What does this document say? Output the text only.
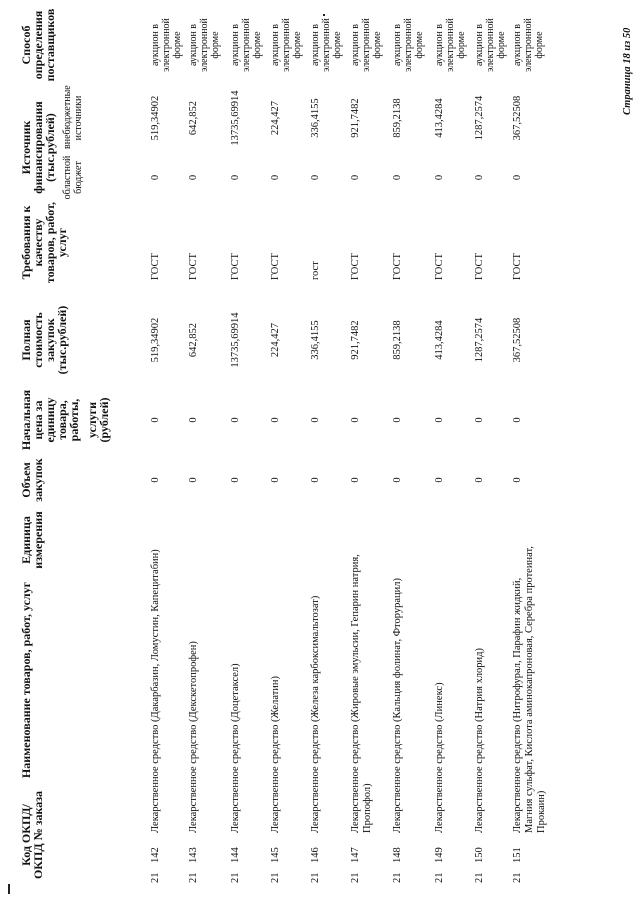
Код ОКПД/ ОКПД № заказа
Наименование товаров, работ, услуг
Единица измерения
Объем закупок
Начальная цена за единицу товара, работы, услуги (рублей)
Полная стоимость закупок (тыс.рублей)
Требования к качеству товаров, работ, услуг
Источник финансирования (тыс.рублей) областной бюджет
внебюджетные источники
Способ определения поставщиков
21
142
Лекарственное средство (Дакарбазин, Ломустин, Капецитабин)
0
0
519,34902
ГОСТ
0
519,34902
аукцион в электронной форме
21
143
Лекарственное средство (Декскетопрофен)
0
0
642,852
ГОСТ
0
642,852
аукцион в электронной форме
21
144
Лекарственное средство (Доцетаксел)
0
0
13735,69914
ГОСТ
0
13735,69914
аукцион в электронной форме
21
145
Лекарственное средство (Желатин)
0
0
224,427
ГОСТ
0
224,427
аукцион в электронной форме
21
146
Лекарственное средство (Железа карбоксимальтозат)
0
0
336,4155
гост
0
336,4155
аукцион в электронной форме
21
147
Лекарственное средство (Жировые эмульсии, Гепарин натрия, Пропофол)
0
0
921,7482
ГОСТ
0
921,7482
аукцион в электронной форме
21
148
Лекарственное средство (Кальция фолинат, Фторурацил)
0
0
859,2138
ГОСТ
0
859,2138
аукцион в электронной форме
21
149
Лекарственное средство (Линекс)
0
0
413,4284
ГОСТ
0
413,4284
аукцион в электронной форме
21
150
Лекарственное средство (Натрия хлорид)
0
0
1287,2574
ГОСТ
0
1287,2574
аукцион в электронной форме
21
151
Лекарственное средство (Нитрофурал, Парафин жидкий, Магния сульфат, Кислота аминокапроновая, Серебра протеинат, Прокаин)
0
0
367,52508
ГОСТ
0
367,52508
аукцион в электронной форме	Страница 18 из 50
